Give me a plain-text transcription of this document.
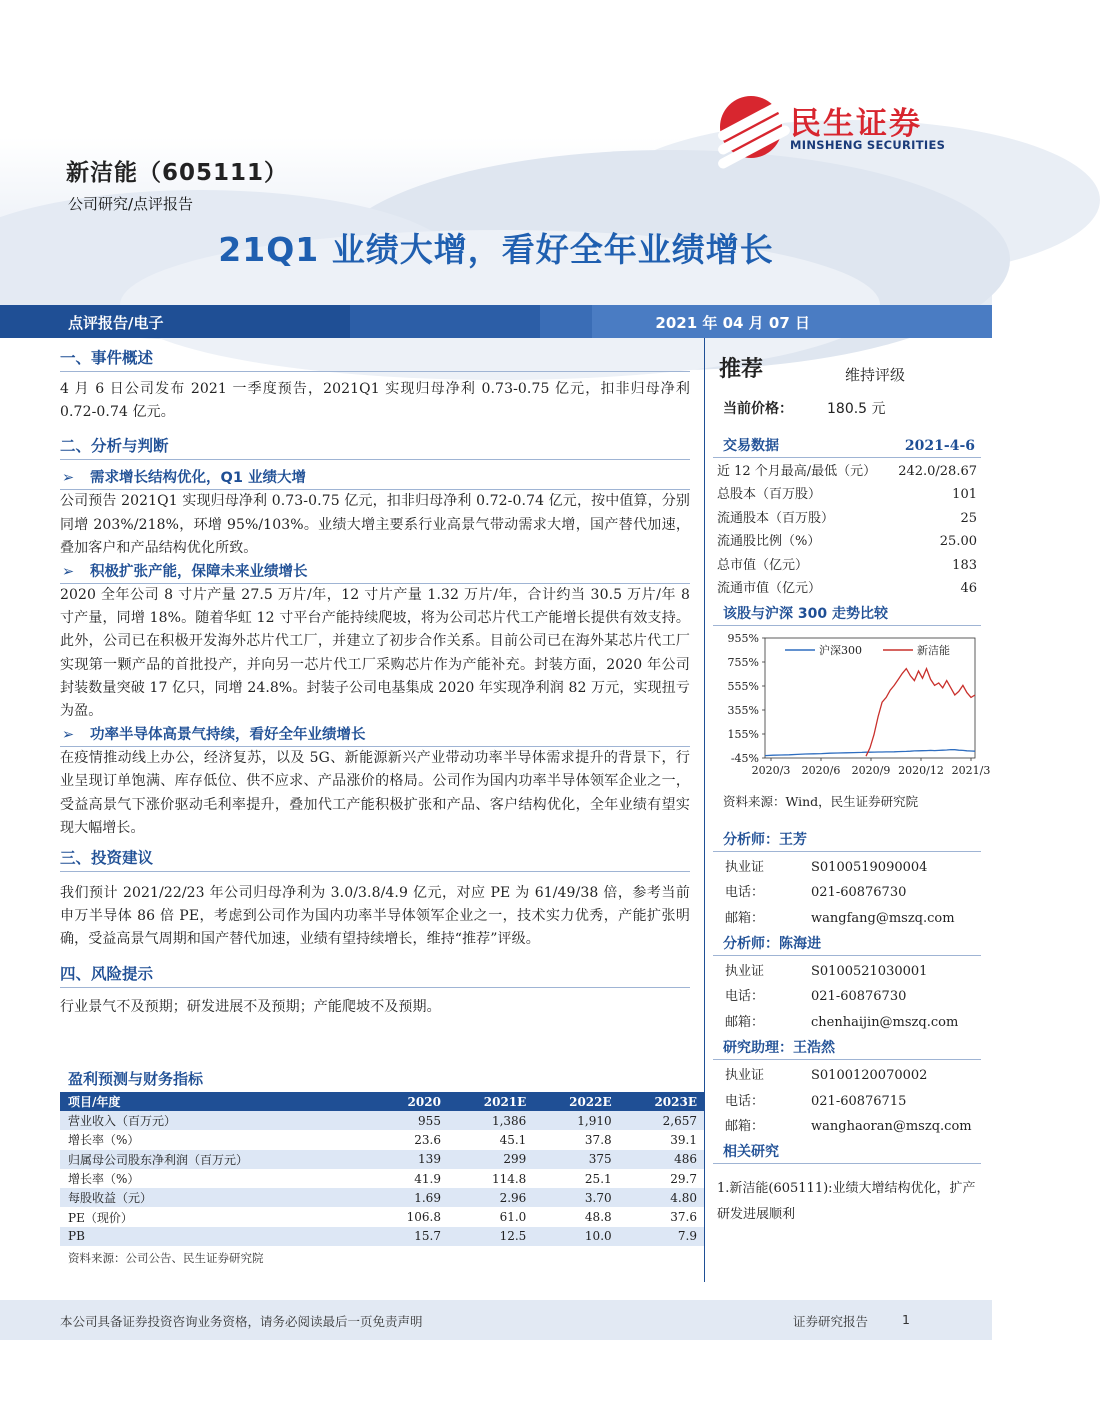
民生证券
MINSHENG SECURITIES
新洁能（605111）
公司研究/点评报告
21Q1 业绩大增，看好全年业绩增长
点评报告/电子	2021 年 04 月 07 日
一、事件概述

4 月 6 日公司发布 2021 一季度预告，2021Q1 实现归母净利 0.73-0.75 亿元，扣非归母净利 0.72-0.74 亿元。

二、分析与判断
➢ 需求增长结构优化，Q1 业绩大增

公司预告 2021Q1 实现归母净利 0.73-0.75 亿元，扣非归母净利 0.72-0.74 亿元，按中值算，分别同增 203%/218%，环增 95%/103%。业绩大增主要系行业高景气带动需求大增，国产替代加速，叠加客户和产品结构优化所致。

➢ 积极扩张产能，保障未来业绩增长

2020 全年公司 8 寸片产量 27.5 万片/年，12 寸片产量 1.32 万片/年，合计约当 30.5 万片/年 8 寸产量，同增 18%。随着华虹 12 寸平台产能持续爬坡，将为公司芯片代工产能增长提供有效支持。此外，公司已在积极开发海外芯片代工厂，并建立了初步合作关系。目前公司已在海外某芯片代工厂实现第一颗产品的首批投产，并向另一芯片代工厂采购芯片作为产能补充。封装方面，2020 年公司封装数量突破 17 亿只，同增 24.8%。封装子公司电基集成 2020 年实现净利润 82 万元，实现扭亏为盈。

➢ 功率半导体高景气持续，看好全年业绩增长

在疫情推动线上办公，经济复苏，以及 5G、新能源新兴产业带动功率半导体需求提升的背景下，行业呈现订单饱满、库存低位、供不应求、产品涨价的格局。公司作为国内功率半导体领军企业之一，受益高景气下涨价驱动毛利率提升，叠加代工产能积极扩张和产品、客户结构优化，全年业绩有望实现大幅增长。

三、投资建议

我们预计 2021/22/23 年公司归母净利为 3.0/3.8/4.9 亿元，对应 PE 为 61/49/38 倍，参考当前申万半导体 86 倍 PE，考虑到公司作为国内功率半导体领军企业之一，技术实力优秀，产能扩张明确，受益高景气周期和国产替代加速，业绩有望持续增长，维持“推荐”评级。

四、风险提示

行业景气不及预期；研发进展不及预期；产能爬坡不及预期。

盈利预测与财务指标
项目/年度	2020	2021E	2022E	2023E
营业收入（百万元）	955	1,386	1,910	2,657
增长率（%）	23.6	45.1	37.8	39.1
归属母公司股东净利润（百万元）	139	299	375	486
增长率（%）	41.9	114.8	25.1	29.7
每股收益（元）	1.69	2.96	3.70	4.80
PE（现价）	106.8	61.0	48.8	37.6
PB	15.7	12.5	10.0	7.9
资料来源：公司公告、民生证券研究院
推荐	维持评级
当前价格： 180.5 元
交易数据	2021-4-6
近 12 个月最高/最低（元） 242.0/28.67
总股本（百万股）	101
流通股本（百万股）	25
流通股比例（%）	25.00
总市值（亿元）	183
流通市值（亿元）	46
该股与沪深 300 走势比较
955%
755%
555%
355%
155%
-45%
2020/3 2020/6 2020/9 2020/12 2021/3
沪深300	新洁能
资料来源：Wind，民生证券研究院
分析师：王芳
执业证	S0100519090004
电话：	021-60876730
邮箱：	wangfang@mszq.com
分析师：陈海进
执业证	S0100521030001
电话：	021-60876730
邮箱：	chenhaijin@mszq.com
研究助理：王浩然
执业证	S0100120070002
电话：	021-60876715
邮箱：	wanghaoran@mszq.com
相关研究
1.新洁能(605111):业绩大增结构优化，扩产研发进展顺利
本公司具备证券投资咨询业务资格，请务必阅读最后一页免责声明	证券研究报告	1
